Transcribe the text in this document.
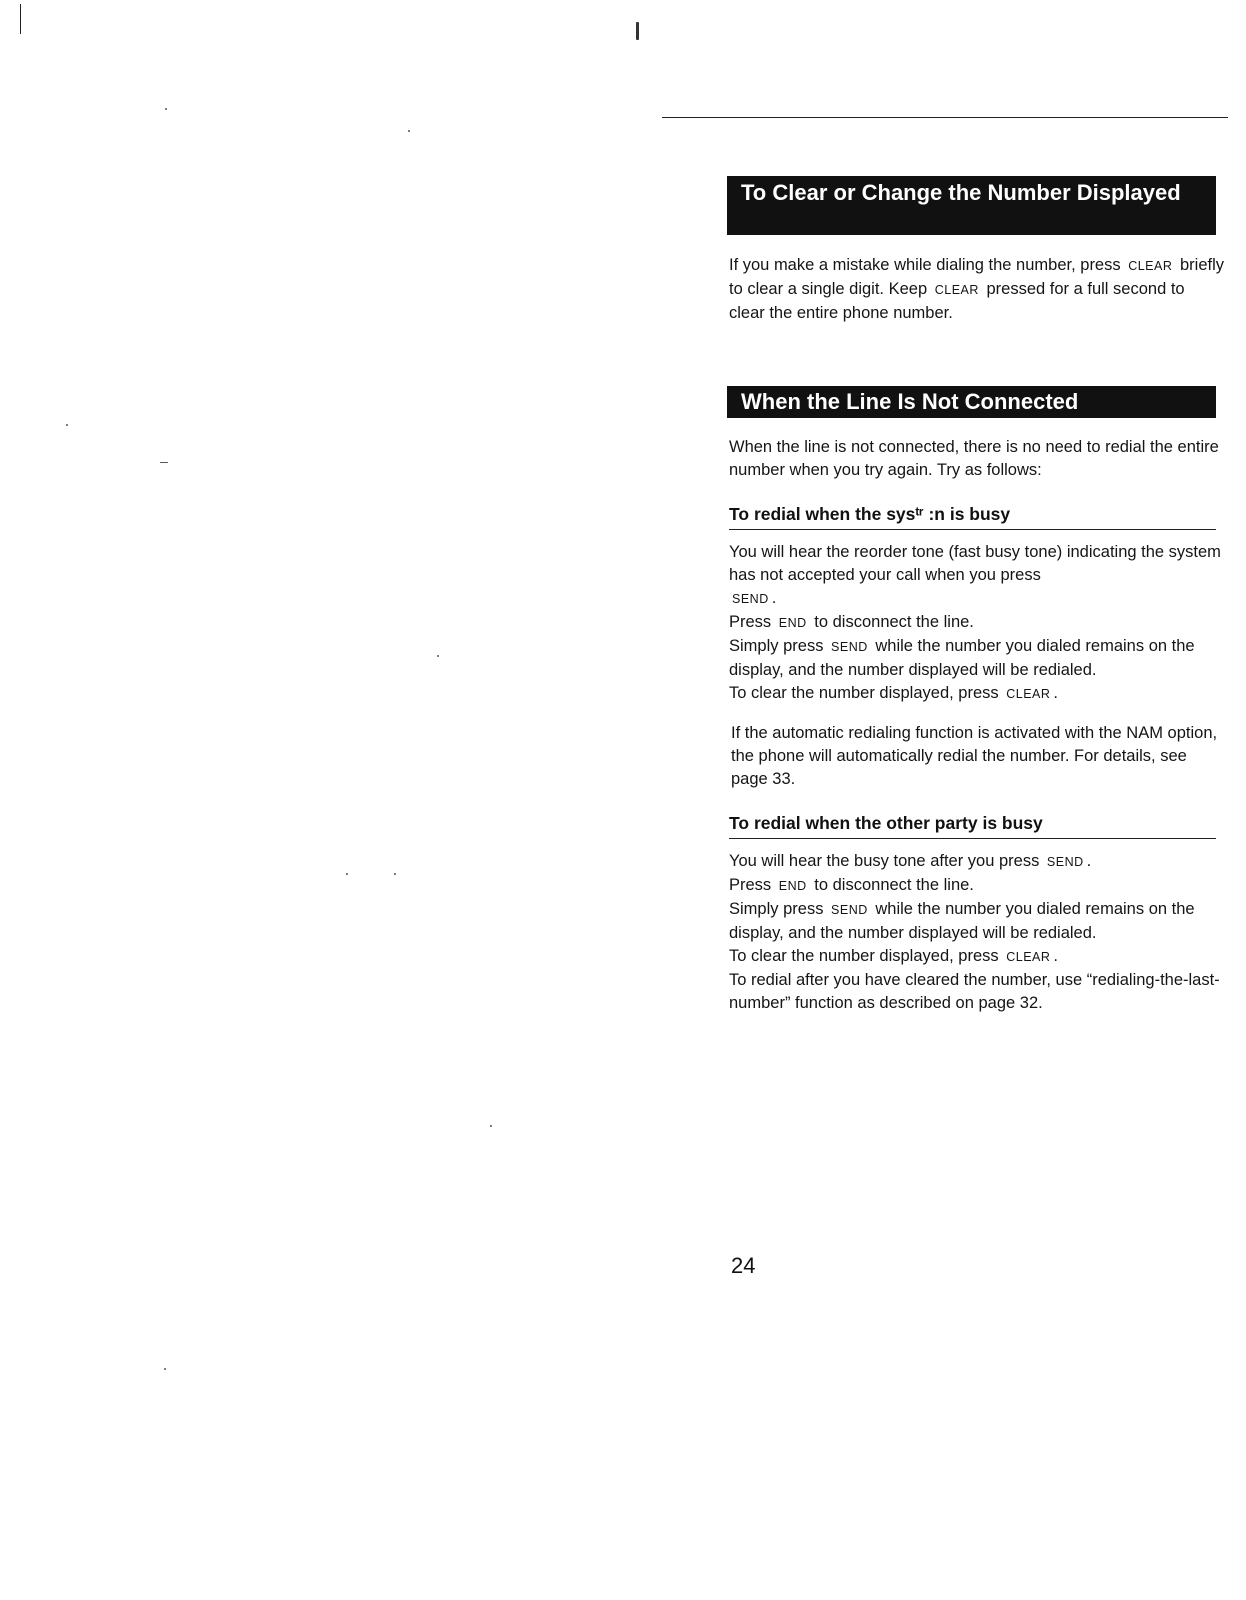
To Clear or Change the Number Displayed
If you make a mistake while dialing the number, press CLEAR briefly to clear a single digit. Keep CLEAR pressed for a full second to clear the entire phone number.
When the Line Is Not Connected
When the line is not connected, there is no need to redial the entire number when you try again. Try as follows:
To redial when the sysᵗʳ :n is busy
You will hear the reorder tone (fast busy tone) indicating the system has not accepted your call when you press
SEND .
Press END to disconnect the line.
Simply press SEND while the number you dialed remains on the display, and the number displayed will be redialed.
To clear the number displayed, press CLEAR .
If the automatic redialing function is activated with the NAM option, the phone will automatically redial the number. For details, see page 33.
To redial when the other party is busy
You will hear the busy tone after you press SEND .
Press END to disconnect the line.
Simply press SEND while the number you dialed remains on the display, and the number displayed will be redialed.
To clear the number displayed, press CLEAR .
To redial after you have cleared the number, use “redialing-the-last-number” function as described on page 32.
24
